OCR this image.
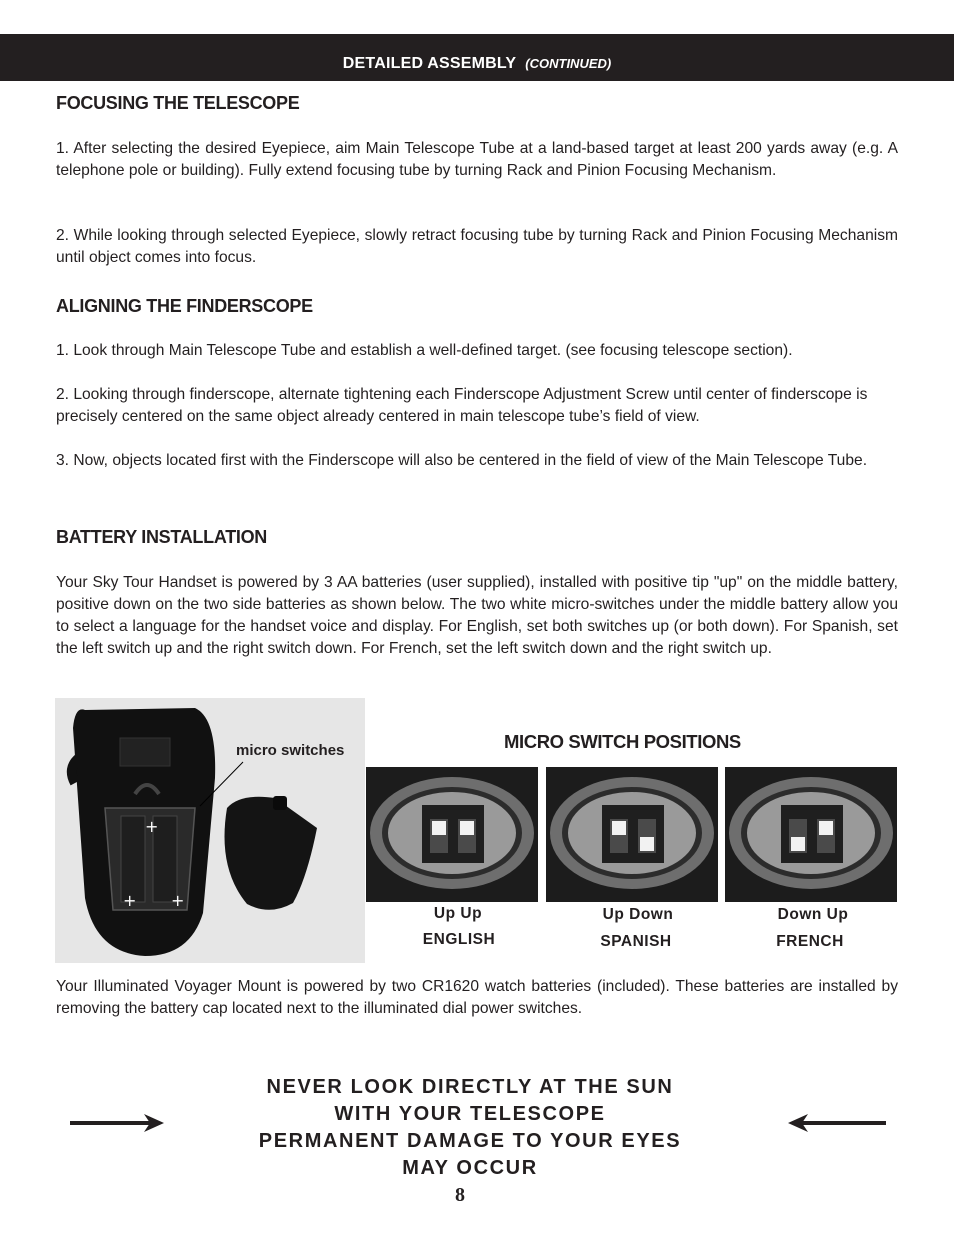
DETAILED ASSEMBLY (CONTINUED)
FOCUSING THE TELESCOPE

1. After selecting the desired Eyepiece, aim Main Telescope Tube at a land-based target at least 200 yards away (e.g. A telephone pole or building). Fully extend focusing tube by turning Rack and Pinion Focusing Mechanism.

2. While looking through selected Eyepiece, slowly retract focusing tube by turning Rack and Pinion Focusing Mechanism until object comes into focus.

ALIGNING THE FINDERSCOPE

1. Look through Main Telescope Tube and establish a well-defined target. (see focusing telescope section).

2. Looking through finderscope, alternate tightening each Finderscope Adjustment Screw until center of finderscope is precisely centered on the same object already centered in main telescope tube’s field of view.

3. Now, objects located first with the Finderscope will also be centered in the field of view of the Main Telescope Tube.

BATTERY INSTALLATION

Your Sky Tour Handset is powered by 3 AA batteries (user supplied), installed with positive tip "up" on the middle battery, positive down on the two side batteries as shown below. The two white micro-switches under the middle battery allow you to select a language for the handset voice and display. For English, set both switches up (or both down). For Spanish, set the left switch up and the right switch down. For French, set the left switch down and the right switch up.

+
+ +
micro switches	MICRO SWITCH POSITIONS
Up Up
ENGLISH
Up Down
SPANISH
Down Up
FRENCH

Your Illuminated Voyager Mount is powered by two CR1620 watch batteries (included). These batteries are installed by removing the battery cap located next to the illuminated dial power switches.

NEVER LOOK DIRECTLY AT THE SUN
WITH YOUR TELESCOPE
PERMANENT DAMAGE TO YOUR EYES
MAY OCCUR
8
